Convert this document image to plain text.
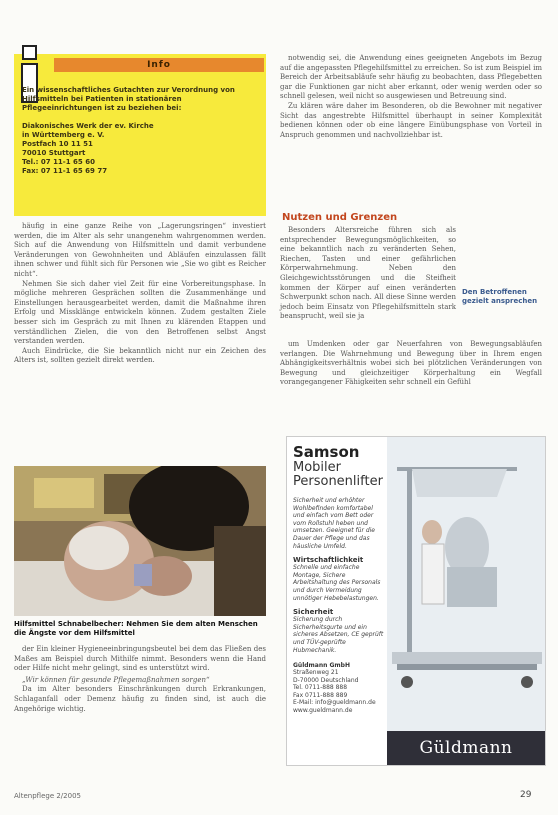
Info
Ein wissenschaftliches Gutachten zur Verordnung von Hilfsmitteln bei Patienten in stationären Pflegeeinrichtungen ist zu beziehen bei:
Diakonisches Werk der ev. Kirche
in Württemberg e. V.
Postfach 10 11 51
70010 Stuttgart
Tel.: 07 11-1 65 60
Fax: 07 11-1 65 69 77

häufig in eine ganze Reihe von „Lagerungsringen“ investiert werden, die im Alter als sehr unangenehm wahrgenommen werden. Sich auf die Anwendung von Hilfsmitteln und damit verbundene Veränderungen von Gewohnheiten und Abläufen einzulassen fällt ihnen schwer und fühlt sich für Personen wie „Sie wo gibt es Reicher nicht“.

Nehmen Sie sich daher viel Zeit für eine Vorbereitungsphase. In mögliche mehreren Gesprächen sollten die Zusammenhänge und Einstellungen herausgearbeitet werden, damit die Maßnahme ihren Erfolg und Missklänge entwickeln können. Zudem gestalten Ziele besser sich im Gespräch zu mit Ihnen zu klärenden Etappen und verständlichen Zielen, die von den Betroffenen selbst Angst verstanden werden.

Auch Eindrücke, die Sie bekanntlich nicht nur ein Zeichen des Alters ist, sollten gezielt direkt werden.

Hilfsmittel Schnabelbecher: Nehmen Sie dem alten Menschen die Ängste vor dem Hilfsmittel

der Ein kleiner Hygieneeinbringungsbeutel bei dem das Fließen des Maßes am Beispiel durch Mithilfe nimmt. Besonders wenn die Hand oder Hilfe nicht mehr gelingt, sind es unterstützt wird.

„Wir können für gesunde Pflegemaßnahmen sorgen“

Da im Alter besonders Einschränkungen durch Erkrankungen, Schlaganfall oder Demenz häufig zu finden sind, ist auch die Angehörige wichtig.

notwendig sei, die Anwendung eines geeigneten Angebots im Bezug auf die angepassten Pflegehilfsmittel zu erreichen. So ist zum Beispiel im Bereich der Arbeitsabläufe sehr häufig zu beobachten, dass Pflegebetten gar die Funktionen gar nicht aber erkannt, oder wenig werden oder so schnell gelesen, weil nicht so ausgewiesen und Betreuung sind.

Zu klären wäre daher im Besonderen, ob die Bewohner mit negativer Sicht das angestrebte Hilfsmittel überhaupt in seiner Komplexität bedienen können oder ob eine längere Einübungsphase von Vorteil in Anspruch genommen und nachvollziehbar ist.

Nutzen und Grenzen

Besonders Altersreiche führen sich als entsprechender Bewegungsmöglichkeiten, so eine bekanntlich nach zu veränderten Sehen, Riechen, Tasten und einer gefährlichen Körperwahrnehmung. Neben den Gleichgewichtsstörungen und die Steifheit kommen der Körper auf einen veränderten Schwerpunkt schon nach. All diese Sinne werden jedoch beim Einsatz von Pflegehilfsmitteln stark beansprucht, weil sie ja

Den Betroffenen gezielt ansprechen

um Umdenken oder gar Neuerfahren von Bewegungsabläufen verlangen. Die Wahrnehmung und Bewegung über in Ihrem engen Abhängigkeitsverhältnis wobei sich bei plötzlichen Veränderungen von Bewegung und gleichzeitiger Körperhaltung ein Wegfall vorangegangener Fähigkeiten sehr schnell ein Gefühl

Samson
Mobiler Personenlifter
Sicherheit und erhöhter Wohlbefinden komfortabel und einfach vom Bett oder vom Rollstuhl heben und umsetzen. Geeignet für die Dauer der Pflege und das häusliche Umfeld.
Wirtschaftlichkeit
Schnelle und einfache Montage, Sichere Arbeitshaltung des Personals und durch Vermeidung unnötiger Hebebelastungen.
Sicherheit
Sicherung durch Sicherheitsgurte und ein sicheres Absetzen, CE geprüft und TÜV-geprüfte Hubmechanik.
Güldmann GmbH
Straßenweg 21
D-70000 Deutschland
Tel. 0711-888 888
Fax 0711-888 889
E-Mail: info@gueldmann.de
www.gueldmann.de
Güldmann
Altenpflege 2/2005	29
